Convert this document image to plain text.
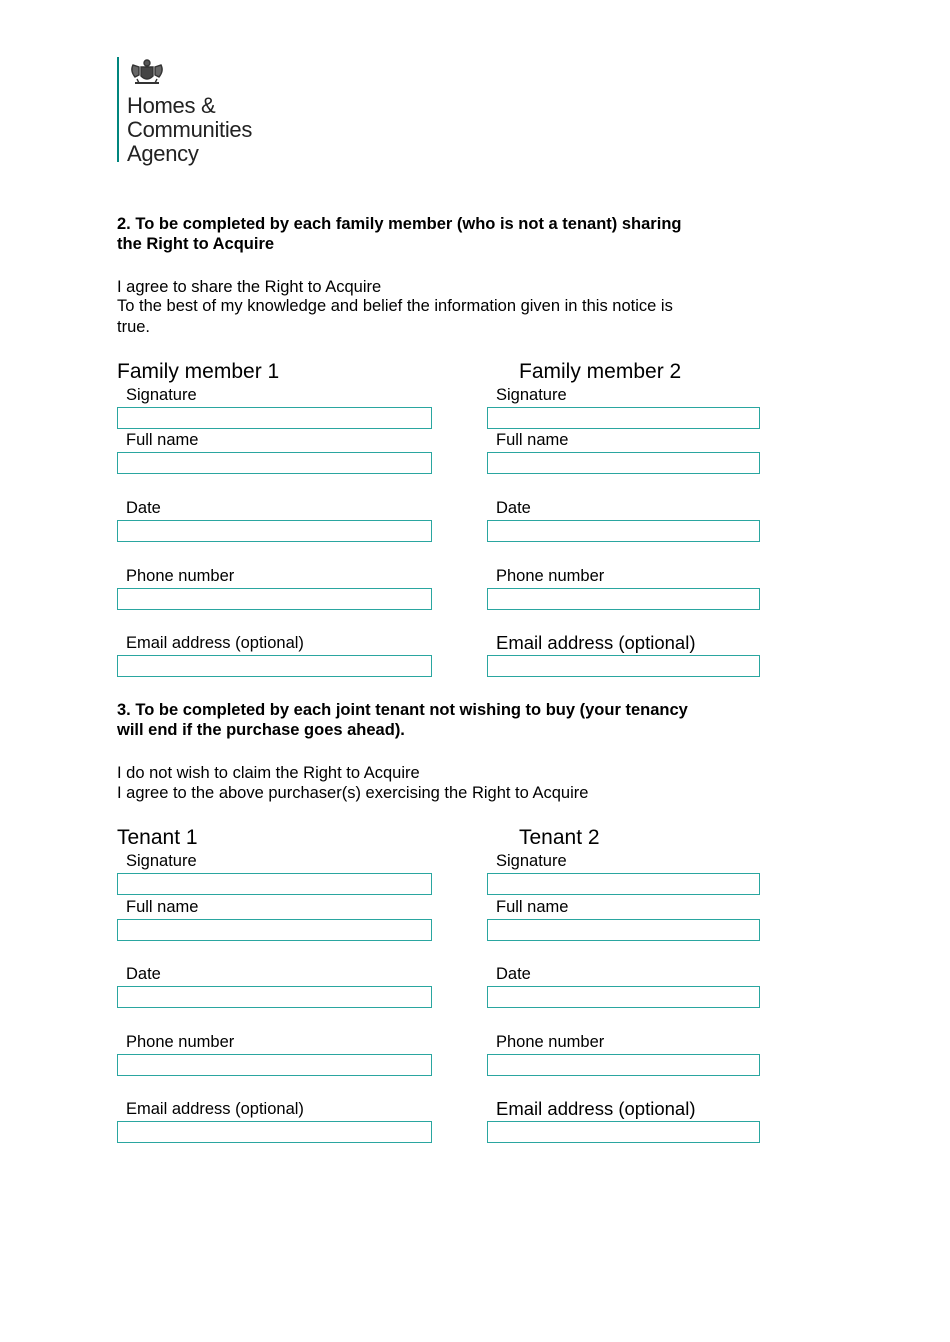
Homes &
Communities
Agency
2. To be completed by each family member (who is not a tenant) sharing
the Right to Acquire
I agree to share the Right to Acquire
To the best of my knowledge and belief the information given in this notice is
true.
Family member 1	Family member 2
Signature
Full name
Date
Phone number
Email address (optional)
Signature
Full name
Date
Phone number
Email address (optional)
3. To be completed by each joint tenant not wishing to buy (your tenancy
will end if the purchase goes ahead).
I do not wish to claim the Right to Acquire
I agree to the above purchaser(s) exercising the Right to Acquire
Tenant 1	Tenant 2
Signature
Full name
Date
Phone number
Email address (optional)
Signature
Full name
Date
Phone number
Email address (optional)
